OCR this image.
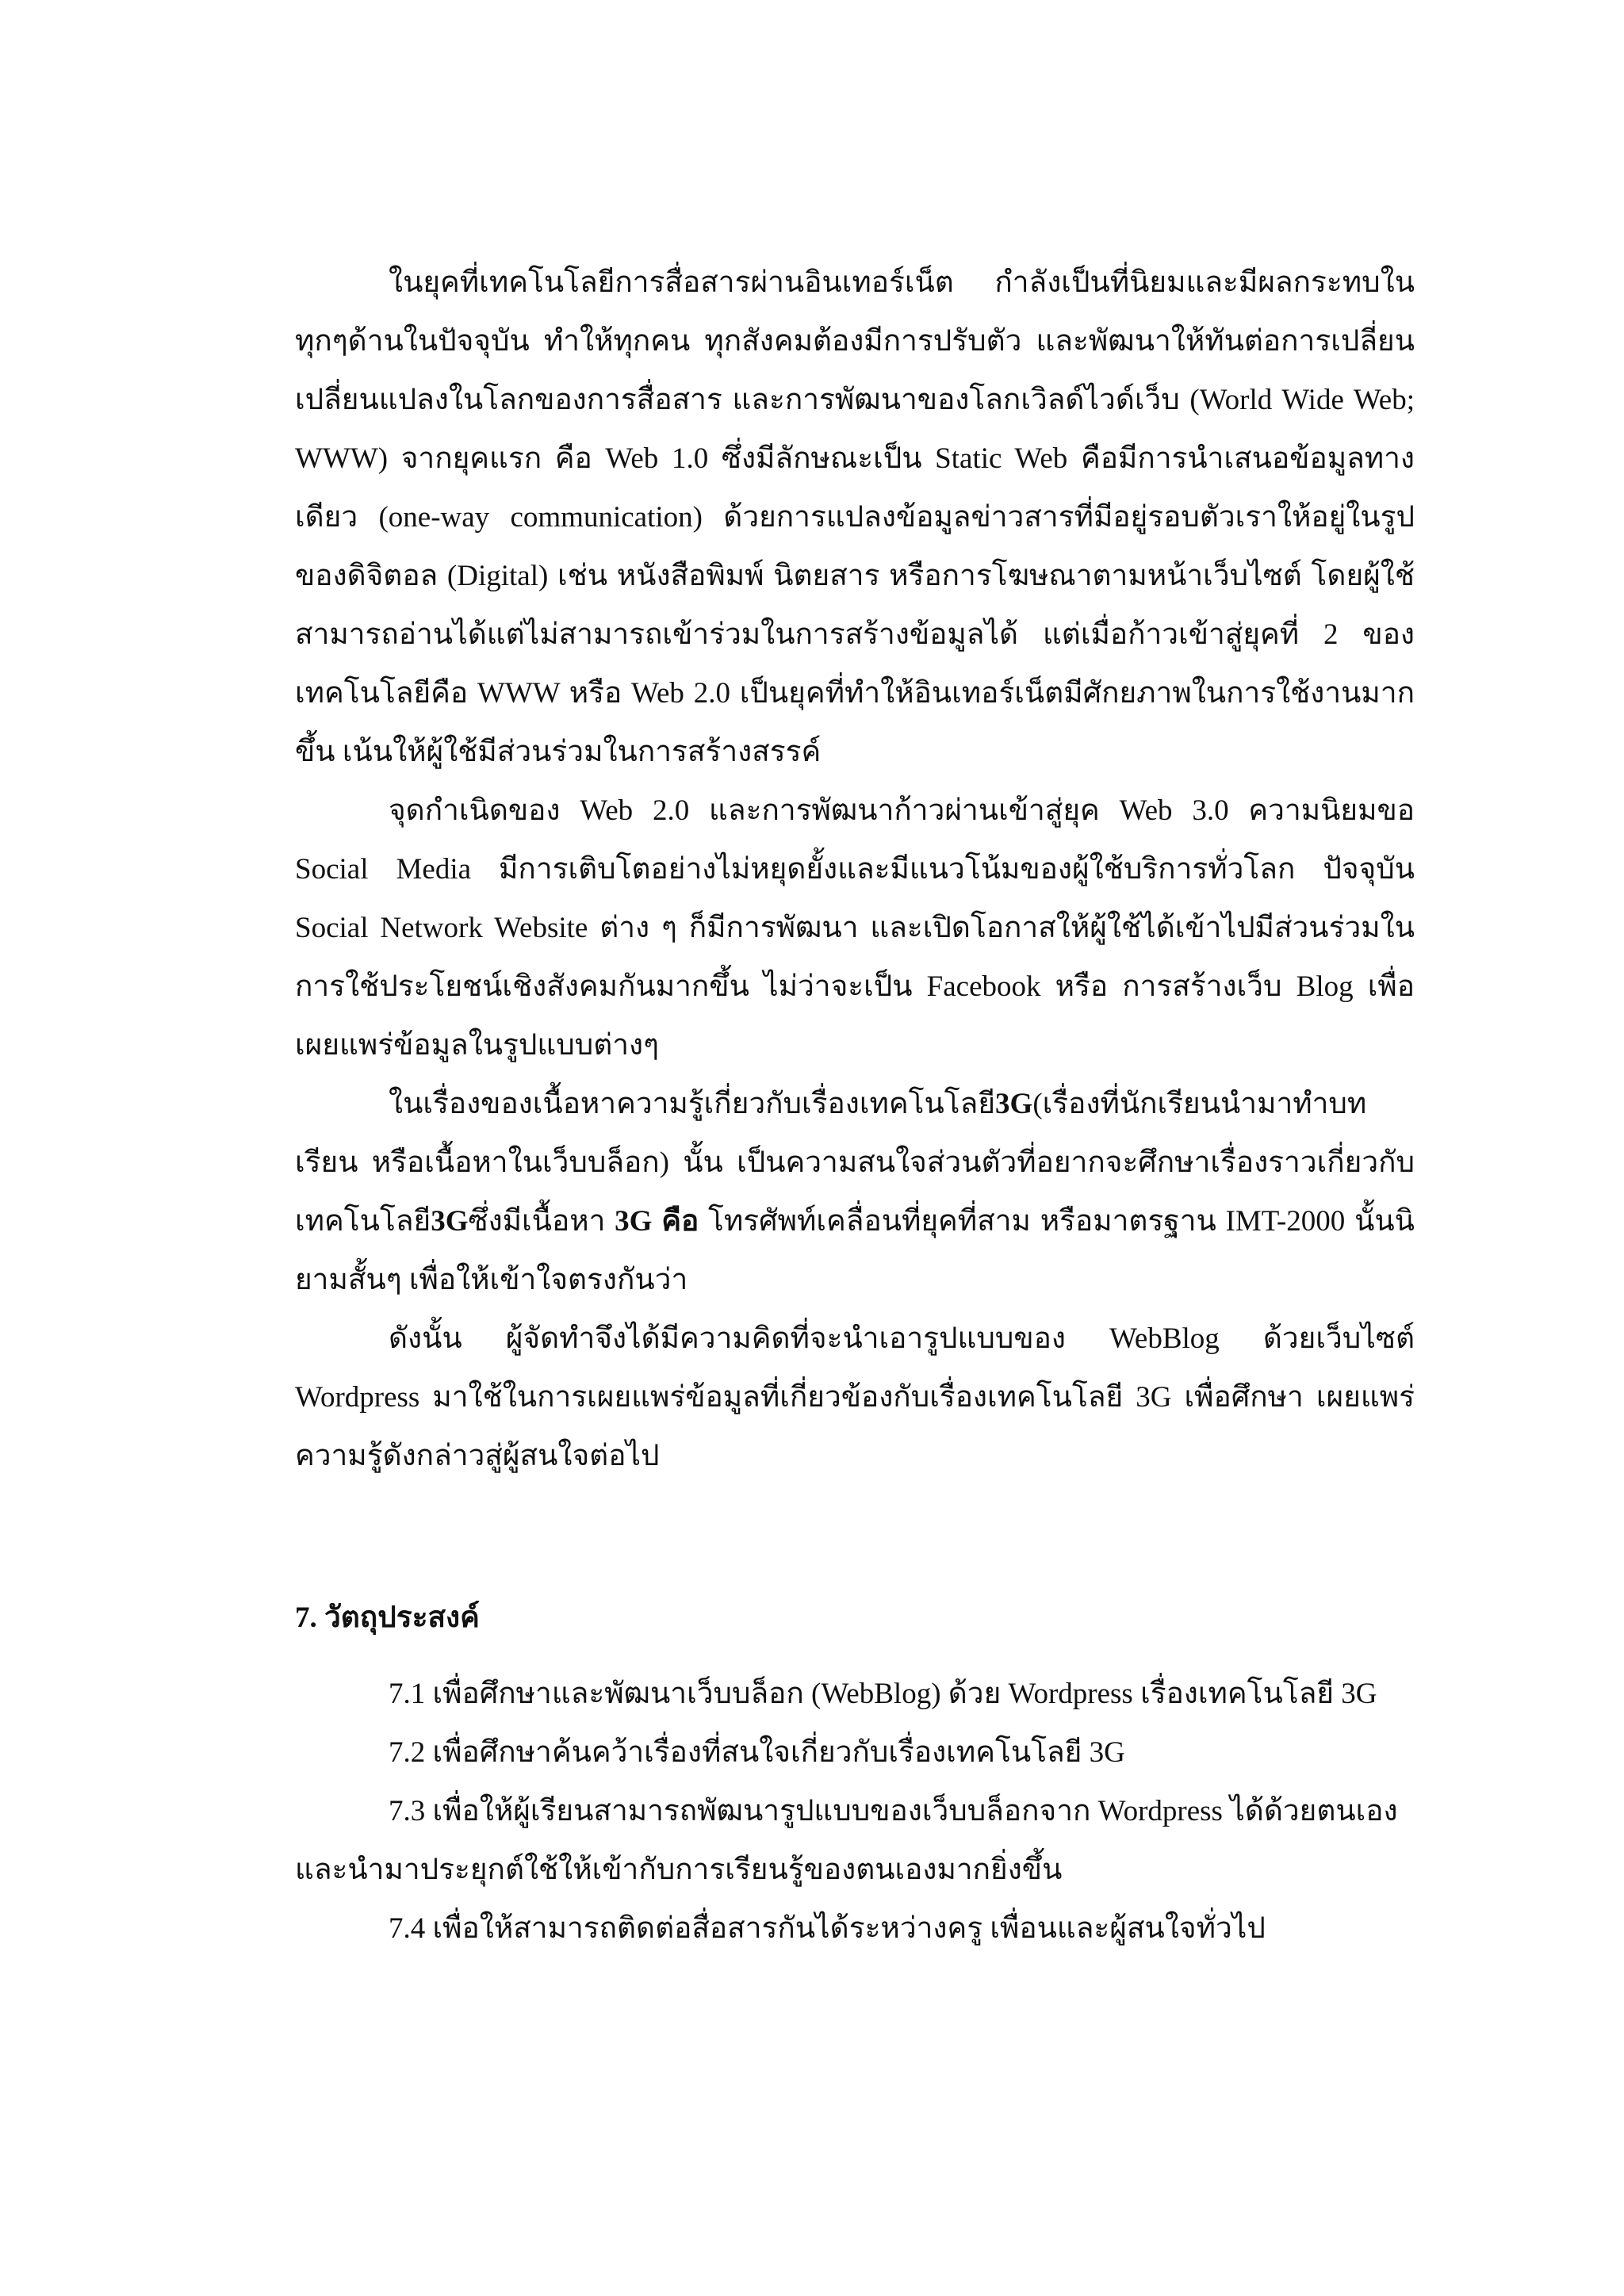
ในยุคที่เทคโนโลยีการสื่อสารผ่านอินเทอร์เน็ต กำลังเป็นที่นิยมและมีผลกระทบในทุกๆด้านในปัจจุบัน ทำให้ทุกคน ทุกสังคมต้องมีการปรับตัว และพัฒนาให้ทันต่อการเปลี่ยนเปลี่ยนแปลงในโลกของการสื่อสาร และการพัฒนาของโลกเวิลด์ไวด์เว็บ (World Wide Web; WWW) จากยุคแรก คือ Web 1.0 ซึ่งมีลักษณะเป็น Static Web คือมีการนำเสนอข้อมูลทางเดียว (one-way communication) ด้วยการแปลงข้อมูลข่าวสารที่มีอยู่รอบตัวเราให้อยู่ในรูปของดิจิตอล (Digital) เช่น หนังสือพิมพ์ นิตยสาร หรือการโฆษณาตามหน้าเว็บไซต์ โดยผู้ใช้สามารถอ่านได้แต่ไม่สามารถเข้าร่วมในการสร้างข้อมูลได้ แต่เมื่อก้าวเข้าสู่ยุคที่ 2 ของเทคโนโลยีคือ WWW หรือ Web 2.0 เป็นยุคที่ทำให้อินเทอร์เน็ตมีศักยภาพในการใช้งานมากขึ้น เน้นให้ผู้ใช้มีส่วนร่วมในการสร้างสรรค์

จุดกำเนิดของ Web 2.0 และการพัฒนาก้าวผ่านเข้าสู่ยุค Web 3.0 ความนิยมขอ Social Media มีการเติบโตอย่างไม่หยุดยั้งและมีแนวโน้มของผู้ใช้บริการทั่วโลก ปัจจุบัน Social Network Website ต่าง ๆ ก็มีการพัฒนา และเปิดโอกาสให้ผู้ใช้ได้เข้าไปมีส่วนร่วมในการใช้ประโยชน์เชิงสังคมกันมากขึ้น ไม่ว่าจะเป็น Facebook หรือ การสร้างเว็บ Blog เพื่อเผยแพร่ข้อมูลในรูปแบบต่างๆ

ในเรื่องของเนื้อหาความรู้เกี่ยวกับเรื่องเทคโนโลยี3G(เรื่องที่นักเรียนนำมาทำบทเรียน หรือเนื้อหาในเว็บบล็อก) นั้น เป็นความสนใจส่วนตัวที่อยากจะศึกษาเรื่องราวเกี่ยวกับเทคโนโลยี3Gซึ่งมีเนื้อหา 3G คือ โทรศัพท์เคลื่อนที่ยุคที่สาม หรือมาตรฐาน IMT-2000 นั้นนิยามสั้นๆ เพื่อให้เข้าใจตรงกันว่า

ดังนั้น ผู้จัดทำจึงได้มีความคิดที่จะนำเอารูปแบบของ WebBlog ด้วยเว็บไซต์ Wordpress มาใช้ในการเผยแพร่ข้อมูลที่เกี่ยวข้องกับเรื่องเทคโนโลยี 3G เพื่อศึกษา เผยแพร่ความรู้ดังกล่าวสู่ผู้สนใจต่อไป

7. วัตถุประสงค์

7.1 เพื่อศึกษาและพัฒนาเว็บบล็อก (WebBlog) ด้วย Wordpress เรื่องเทคโนโลยี 3G

7.2 เพื่อศึกษาค้นคว้าเรื่องที่สนใจเกี่ยวกับเรื่องเทคโนโลยี 3G

7.3 เพื่อให้ผู้เรียนสามารถพัฒนารูปแบบของเว็บบล็อกจาก Wordpress ได้ด้วยตนเองและนำมาประยุกต์ใช้ให้เข้ากับการเรียนรู้ของตนเองมากยิ่งขึ้น

7.4 เพื่อให้สามารถติดต่อสื่อสารกันได้ระหว่างครู เพื่อนและผู้สนใจทั่วไป
